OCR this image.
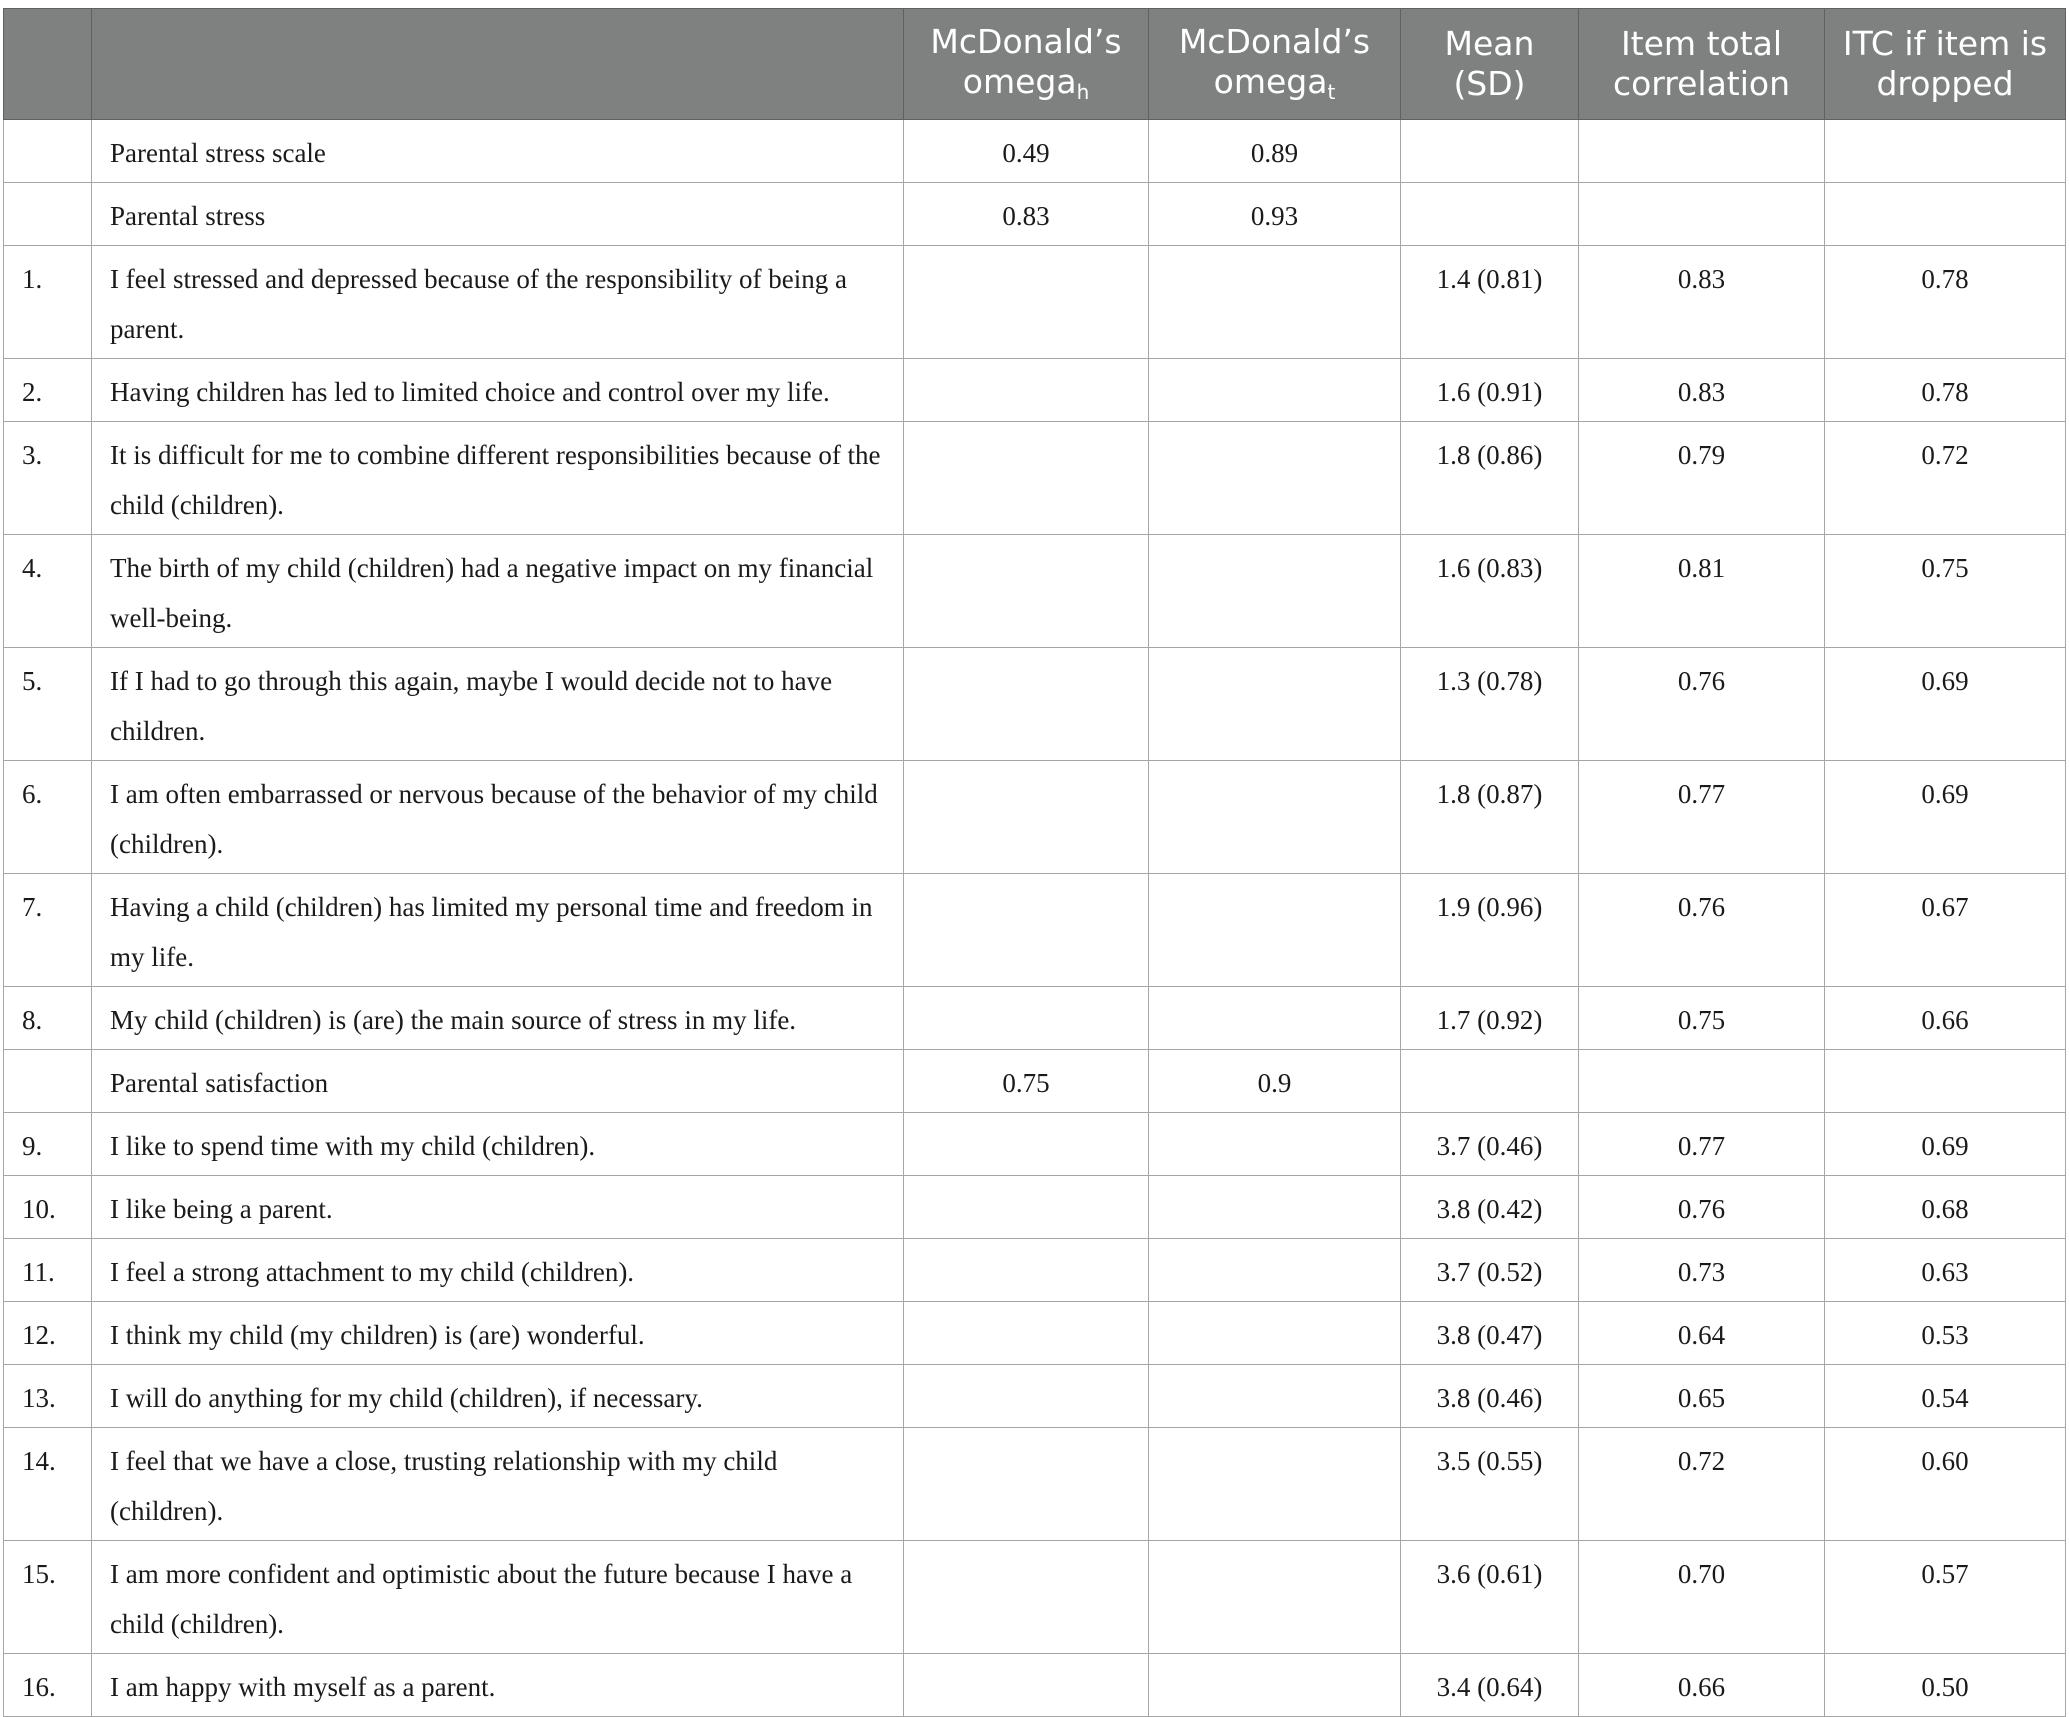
		McDonald’s omega$_h$	McDonald’s omega$_t$	Mean (SD)	Item total correlation	ITC if item is dropped
	Parental stress scale	0.49	0.89			
	Parental stress	0.83	0.93			
1.	I feel stressed and depressed because of the responsibility of being a parent.			1.4 (0.81)	0.83	0.78
2.	Having children has led to limited choice and control over my life.			1.6 (0.91)	0.83	0.78
3.	It is difficult for me to combine different responsibilities because of the child (children).			1.8 (0.86)	0.79	0.72
4.	The birth of my child (children) had a negative impact on my financial well-being.			1.6 (0.83)	0.81	0.75
5.	If I had to go through this again, maybe I would decide not to have children.			1.3 (0.78)	0.76	0.69
6.	I am often embarrassed or nervous because of the behavior of my child (children).			1.8 (0.87)	0.77	0.69
7.	Having a child (children) has limited my personal time and freedom in my life.			1.9 (0.96)	0.76	0.67
8.	My child (children) is (are) the main source of stress in my life.			1.7 (0.92)	0.75	0.66
	Parental satisfaction	0.75	0.9			
9.	I like to spend time with my child (children).			3.7 (0.46)	0.77	0.69
10.	I like being a parent.			3.8 (0.42)	0.76	0.68
11.	I feel a strong attachment to my child (children).			3.7 (0.52)	0.73	0.63
12.	I think my child (my children) is (are) wonderful.			3.8 (0.47)	0.64	0.53
13.	I will do anything for my child (children), if necessary.			3.8 (0.46)	0.65	0.54
14.	I feel that we have a close, trusting relationship with my child (children).			3.5 (0.55)	0.72	0.60
15.	I am more confident and optimistic about the future because I have a child (children).			3.6 (0.61)	0.70	0.57
16.	I am happy with myself as a parent.			3.4 (0.64)	0.66	0.50
